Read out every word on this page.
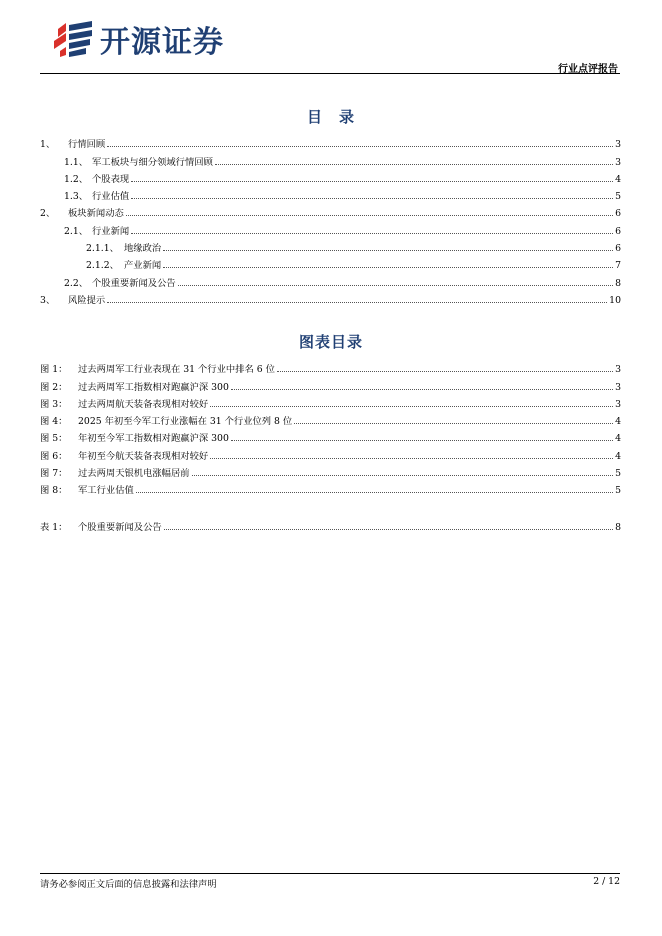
开源证券
行业点评报告
目　录
1、	行情回顾	3
1.1、 军工板块与细分领域行情回顾	3
1.2、 个股表现	4
1.3、 行业估值	5
2、	板块新闻动态	6
2.1、 行业新闻	6
2.1.1、 地缘政治	6
2.1.2、 产业新闻	7
2.2、 个股重要新闻及公告	8
3、	风险提示	10
图表目录
图 1： 过去两周军工行业表现在 31 个行业中排名 6 位	3
图 2： 过去两周军工指数相对跑赢沪深 300	3
图 3： 过去两周航天装备表现相对较好	3
图 4： 2025 年初至今军工行业涨幅在 31 个行业位列 8 位	4
图 5： 年初至今军工指数相对跑赢沪深 300	4
图 6： 年初至今航天装备表现相对较好	4
图 7： 过去两周天银机电涨幅居前	5
图 8： 军工行业估值	5
表 1： 个股重要新闻及公告	8
请务必参阅正文后面的信息披露和法律声明	2 / 12
